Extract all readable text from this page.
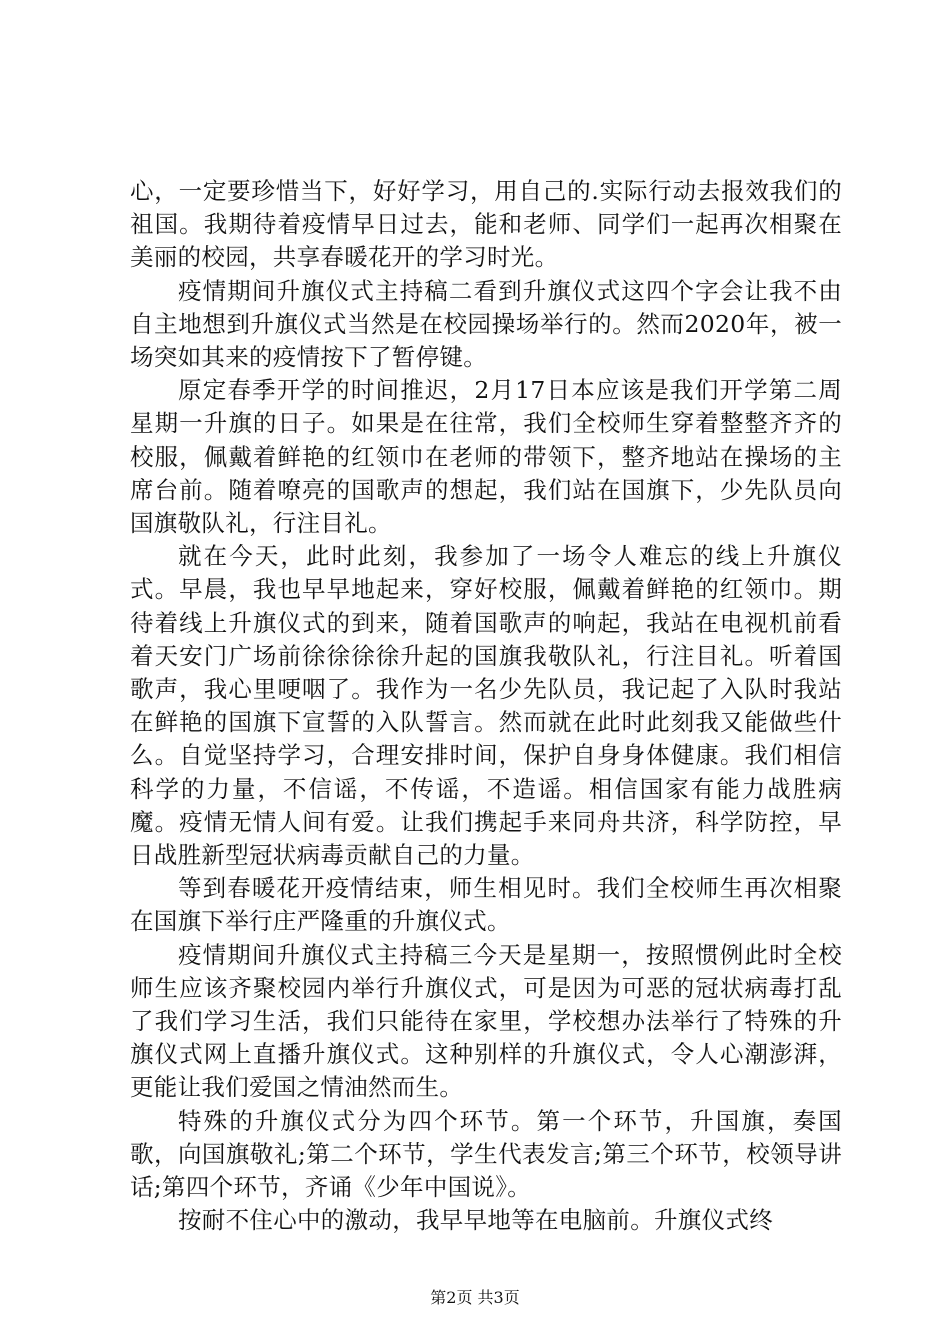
心，一定要珍惜当下，好好学习，用自己的.实际行动去报效我们的祖国。我期待着疫情早日过去，能和老师、同学们一起再次相聚在美丽的校园，共享春暖花开的学习时光。

疫情期间升旗仪式主持稿二看到升旗仪式这四个字会让我不由自主地想到升旗仪式当然是在校园操场举行的。然而2020年，被一场突如其来的疫情按下了暂停键。

原定春季开学的时间推迟，2月17日本应该是我们开学第二周星期一升旗的日子。如果是在往常，我们全校师生穿着整整齐齐的校服，佩戴着鲜艳的红领巾在老师的带领下，整齐地站在操场的主席台前。随着嘹亮的国歌声的想起，我们站在国旗下，少先队员向国旗敬队礼，行注目礼。

就在今天，此时此刻，我参加了一场令人难忘的线上升旗仪式。早晨，我也早早地起来，穿好校服，佩戴着鲜艳的红领巾。期待着线上升旗仪式的到来，随着国歌声的响起，我站在电视机前看着天安门广场前徐徐徐徐升起的国旗我敬队礼，行注目礼。听着国歌声，我心里哽咽了。我作为一名少先队员，我记起了入队时我站在鲜艳的国旗下宣誓的入队誓言。然而就在此时此刻我又能做些什么。自觉坚持学习，合理安排时间，保护自身身体健康。我们相信科学的力量，不信谣，不传谣，不造谣。相信国家有能力战胜病魔。疫情无情人间有爱。让我们携起手来同舟共济，科学防控，早日战胜新型冠状病毒贡献自己的力量。

等到春暖花开疫情结束，师生相见时。我们全校师生再次相聚在国旗下举行庄严隆重的升旗仪式。

疫情期间升旗仪式主持稿三今天是星期一，按照惯例此时全校师生应该齐聚校园内举行升旗仪式，可是因为可恶的冠状病毒打乱了我们学习生活，我们只能待在家里，学校想办法举行了特殊的升旗仪式网上直播升旗仪式。这种别样的升旗仪式，令人心潮澎湃，更能让我们爱国之情油然而生。

特殊的升旗仪式分为四个环节。第一个环节，升国旗，奏国歌，向国旗敬礼;第二个环节，学生代表发言;第三个环节，校领导讲话;第四个环节，齐诵《少年中国说》。

按耐不住心中的激动，我早早地等在电脑前。升旗仪式终

第2页 共3页
